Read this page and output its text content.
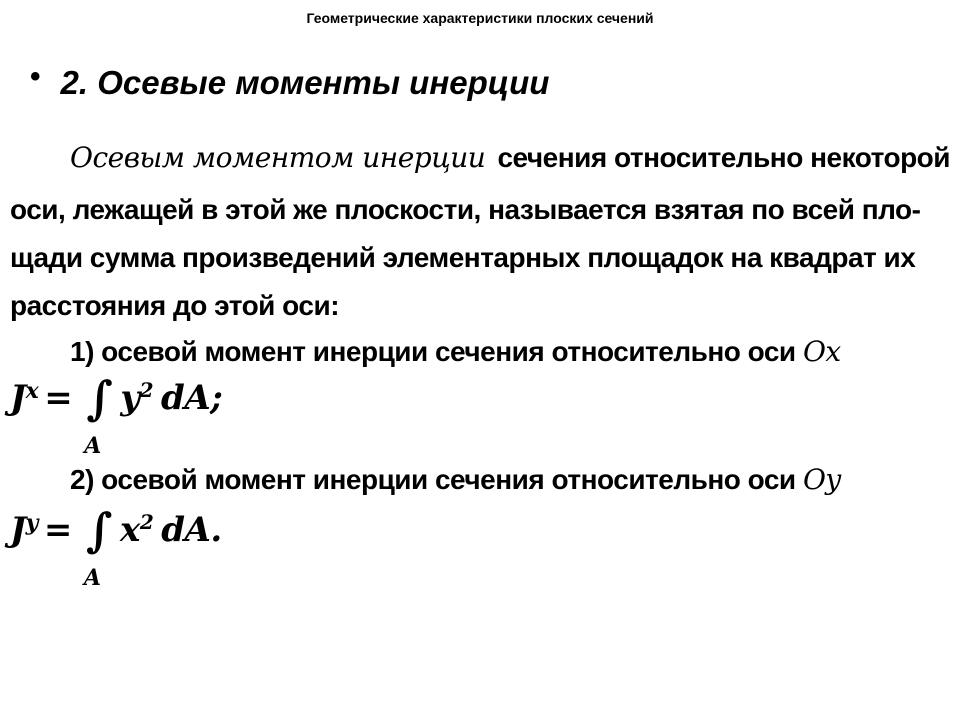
Геометрические характеристики плоских сечений
• 2. Осевые моменты инерции
Осевым моментом инерции сечения относительно некоторой
оси, лежащей в этой же плоскости, называется взятая по всей пло-
щади сумма произведений элементарных площадок на квадрат их
расстояния до этой оси:
1) осевой момент инерции сечения относительно оси Ox
J x = ∫
A
$y^2$ dA;
2) осевой момент инерции сечения относительно оси Oy
J y = ∫
A
$x^2$ dA.
